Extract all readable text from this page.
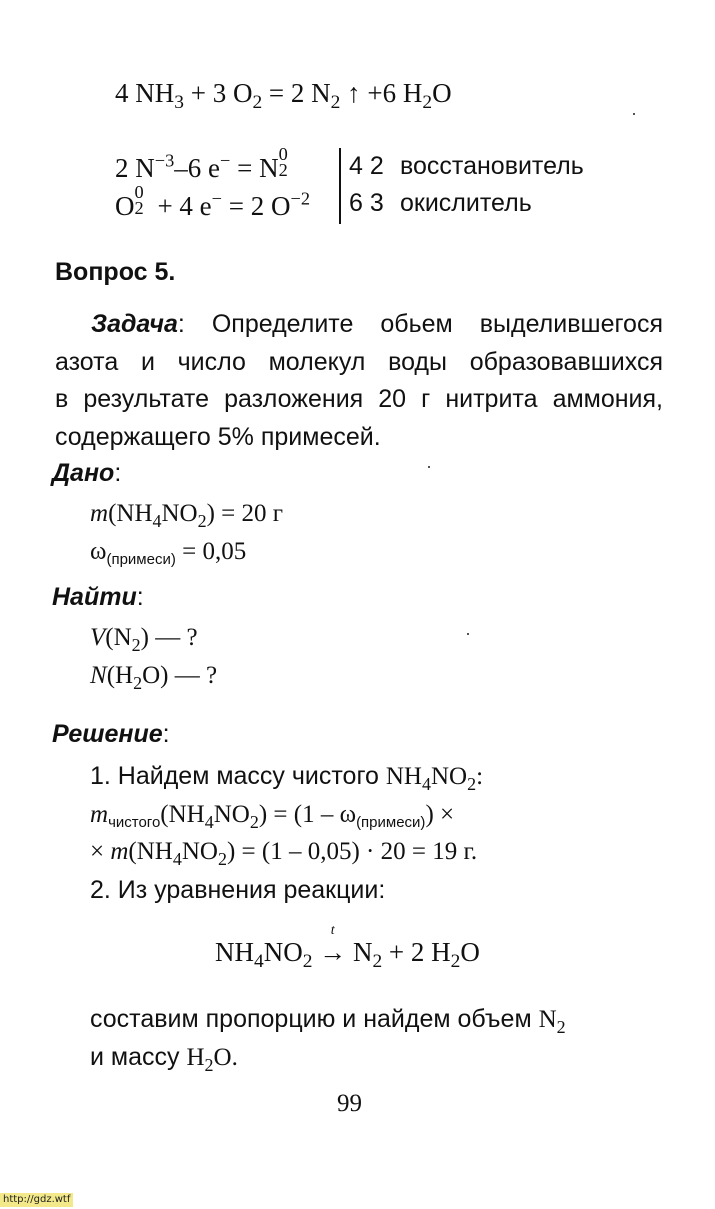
4 $NH_3 + 3$ $O_2 = 2$ $N_2$ ↑ +6 $H_2O$
2 $N^{-3}-6$ e− = N 0
2
O 0
2 + 4 e− = 2 $O^{-2}$
4 2 восстановитель
6 3 окислитель
Вопрос 5.
Задача: Определите обьем выделившегося
азота и число молекул воды образовавшихся
в результате разложения 20 г нитрита аммония,
содержащего 5% примесей.
Дано:
$m(NH_4NO_2) = 20$ г
$\omega_{(примеси)} = 0,05$
Найти:
$V(N_2)$ — ?
$N(H_2O)$ — ?
Решение:
1. Найдем массу чистого $NH_4NO_2$:
$m_{чистого}(NH_4NO_2) = (1 - \omega_{(примеси)})$ ×
× $m(NH_4NO_2) = (1 - 0,05) \cdot 20 = 19$ г.
2. Из уравнения реакции:
$NH_4NO_2$
t
→ $N_2 + 2$ $H_2O$
составим пропорцию и найдем объем $N_2$
и массу $H_2O$.
99
http://gdz.wtf
